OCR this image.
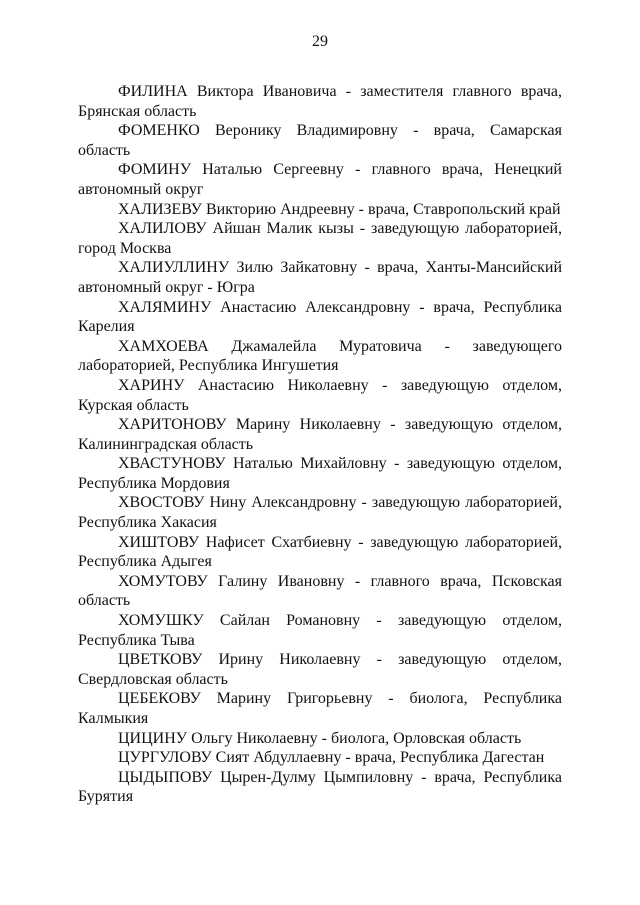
29

ФИЛИНА Виктора Ивановича - заместителя главного врача, Брянская область

ФОМЕНКО Веронику Владимировну - врача, Самарская область

ФОМИНУ Наталью Сергеевну - главного врача, Ненецкий автономный округ

ХАЛИЗЕВУ Викторию Андреевну - врача, Ставропольский край

ХАЛИЛОВУ Айшан Малик кызы - заведующую лабораторией, город Москва

ХАЛИУЛЛИНУ Зилю Зайкатовну - врача, Ханты-Мансийский автономный округ - Югра

ХАЛЯМИНУ Анастасию Александровну - врача, Республика Карелия

ХАМХОЕВА Джамалейла Муратовича - заведующего лабораторией, Республика Ингушетия

ХАРИНУ Анастасию Николаевну - заведующую отделом, Курская область

ХАРИТОНОВУ Марину Николаевну - заведующую отделом, Калининградская область

ХВАСТУНОВУ Наталью Михайловну - заведующую отделом, Республика Мордовия

ХВОСТОВУ Нину Александровну - заведующую лабораторией, Республика Хакасия

ХИШТОВУ Нафисет Схатбиевну - заведующую лабораторией, Республика Адыгея

ХОМУТОВУ Галину Ивановну - главного врача, Псковская область

ХОМУШКУ Сайлан Романовну - заведующую отделом, Республика Тыва

ЦВЕТКОВУ Ирину Николаевну - заведующую отделом, Свердловская область

ЦЕБЕКОВУ Марину Григорьевну - биолога, Республика Калмыкия

ЦИЦИНУ Ольгу Николаевну - биолога, Орловская область

ЦУРГУЛОВУ Сият Абдуллаевну - врача, Республика Дагестан

ЦЫДЫПОВУ Цырен-Дулму Цымпиловну - врача, Республика Бурятия
